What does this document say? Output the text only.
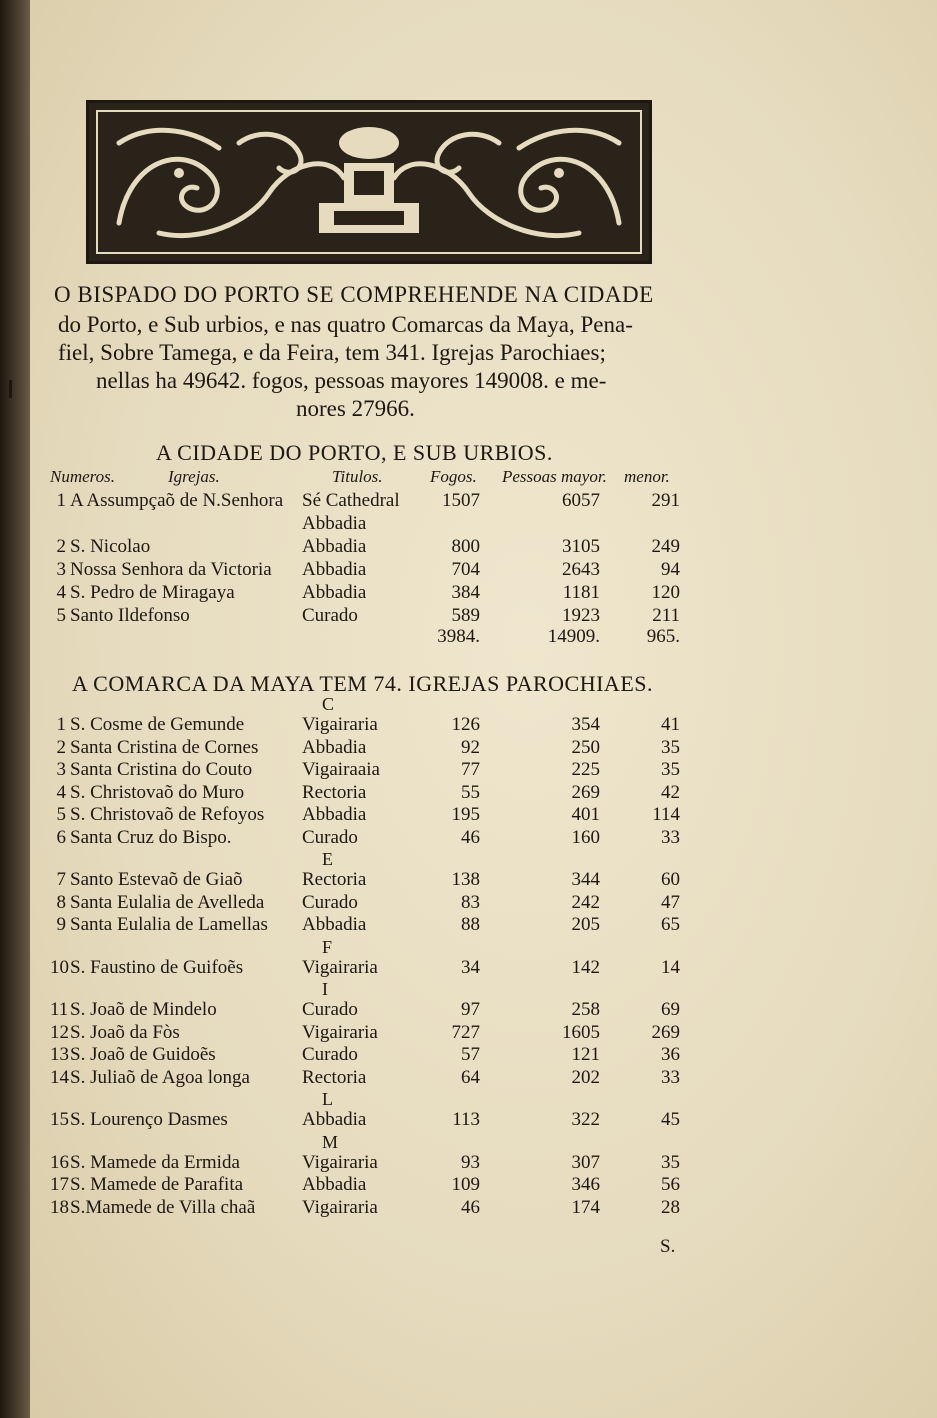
O BISPADO DO PORTO SE COMPREHENDE NA CIDADE
do Porto, e Sub urbios, e nas quatro Comarcas da Maya, Pena-
fiel, Sobre Tamega, e da Feira, tem 341. Igrejas Parochiaes;
nellas ha 49642. fogos, pessoas mayores 149008. e me-
nores 27966.
A CIDADE DO PORTO, E SUB URBIOS.
Numeros.	Igrejas.	Titulos.	Fogos. Pessoas mayor. menor.
1 A Assumpçaõ de N.Senhora Sé Cathedral	1507	6057	291
Abbadia
2 S. Nicolao	Abbadia	800	3105	249
3 Nossa Senhora da Victoria Abbadia	704	2643	94
4 S. Pedro de Miragaya	Abbadia	384	1181	120
5 Santo Ildefonso	Curado	589	1923	211
3984.	14909.	965.
A COMARCA DA MAYA TEM 74. IGREJAS PAROCHIAES.
C
1 S. Cosme de Gemunde	Vigairaria	126	354	41
2 Santa Cristina de Cornes Abbadia	92	250	35
3 Santa Cristina do Couto	Vigairaaia	77	225	35
4 S. Christovaõ do Muro	Rectoria	55	269	42
5 S. Christovaõ de Refoyos Abbadia	195	401	114
6 Santa Cruz do Bispo.	Curado	46	160	33
E
7 Santo Estevaõ de Giaõ	Rectoria	138	344	60
8 Santa Eulalia de Avelleda Curado	83	242	47
9 Santa Eulalia de Lamellas Abbadia	88	205	65
F
10 S. Faustino de Guifoẽs	Vigairaria	34	142	14
I
11 S. Joaõ de Mindelo	Curado	97	258	69
12 S. Joaõ da Fòs	Vigairaria	727	1605	269
13 S. Joaõ de Guidoẽs	Curado	57	121	36
14 S. Juliaõ de Agoa longa	Rectoria	64	202	33
L
15 S. Lourenço Dasmes	Abbadia	113	322	45
M
16 S. Mamede da Ermida	Vigairaria	93	307	35
17 S. Mamede de Parafita	Abbadia	109	346	56
18 S.Mamede de Villa chaã Vigairaria	46	174	28
S.
